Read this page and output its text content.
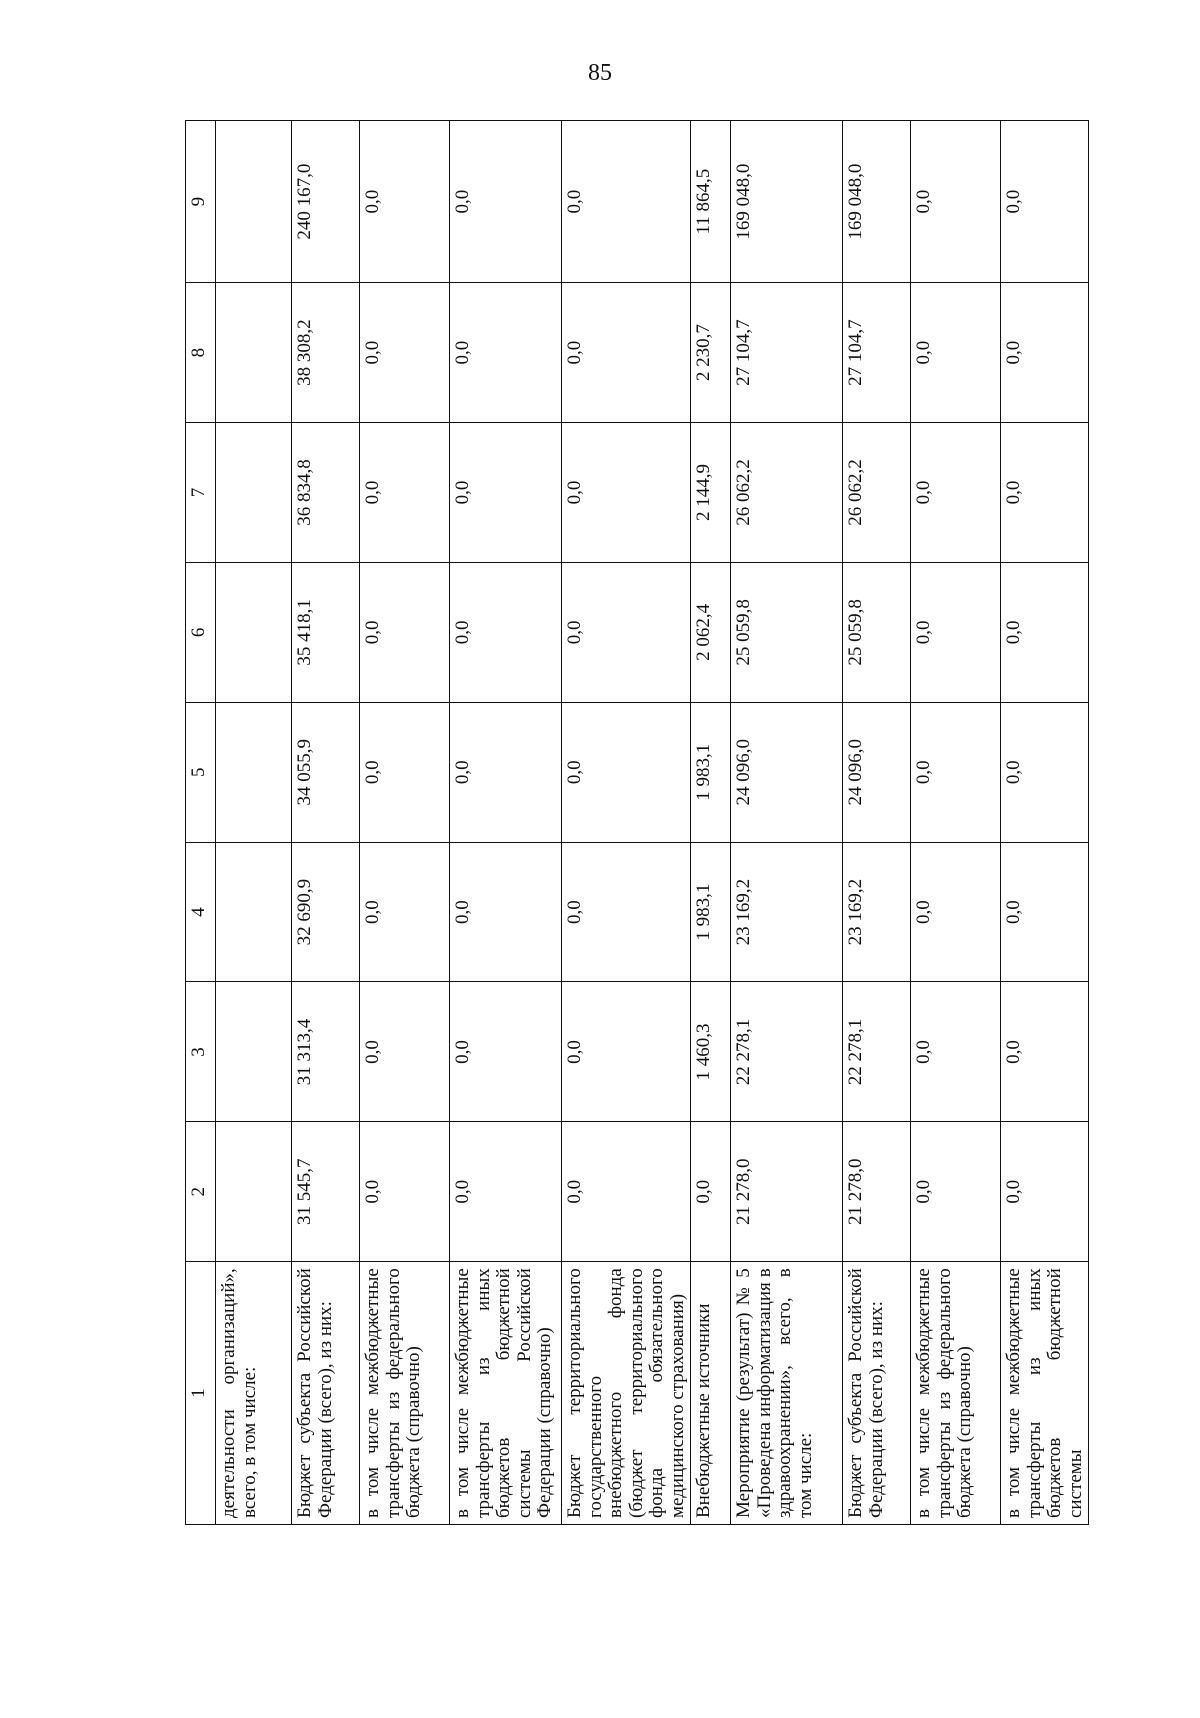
85
1	2	3	4	5	6	7	8	9
деятельности организаций», всего, в том числе:								
Бюджет субъекта Российской Федерации (всего), из них:	31 545,7	31 313,4	32 690,9	34 055,9	35 418,1	36 834,8	38 308,2	240 167,0
в том числе межбюджетные трансферты из федерального бюджета (справочно)	0,0	0,0	0,0	0,0	0,0	0,0	0,0	0,0
в том числе межбюджетные трансферты из иных бюджетов бюджетной системы Российской Федерации (справочно)	0,0	0,0	0,0	0,0	0,0	0,0	0,0	0,0
Бюджет территориального государственного внебюджетного фонда (бюджет территориального фонда обязательного медицинского страхования)	0,0	0,0	0,0	0,0	0,0	0,0	0,0	0,0
Внебюджетные источники	0,0	1 460,3	1 983,1	1 983,1	2 062,4	2 144,9	2 230,7	11 864,5
Мероприятие (результат) № 5 «Проведена информатизация в здравоохранении», всего, в том числе:	21 278,0	22 278,1	23 169,2	24 096,0	25 059,8	26 062,2	27 104,7	169 048,0
Бюджет субъекта Российской Федерации (всего), из них:	21 278,0	22 278,1	23 169,2	24 096,0	25 059,8	26 062,2	27 104,7	169 048,0
в том числе межбюджетные трансферты из федерального бюджета (справочно)	0,0	0,0	0,0	0,0	0,0	0,0	0,0	0,0
в том числе межбюджетные трансферты из иных бюджетов бюджетной системы	0,0	0,0	0,0	0,0	0,0	0,0	0,0	0,0
